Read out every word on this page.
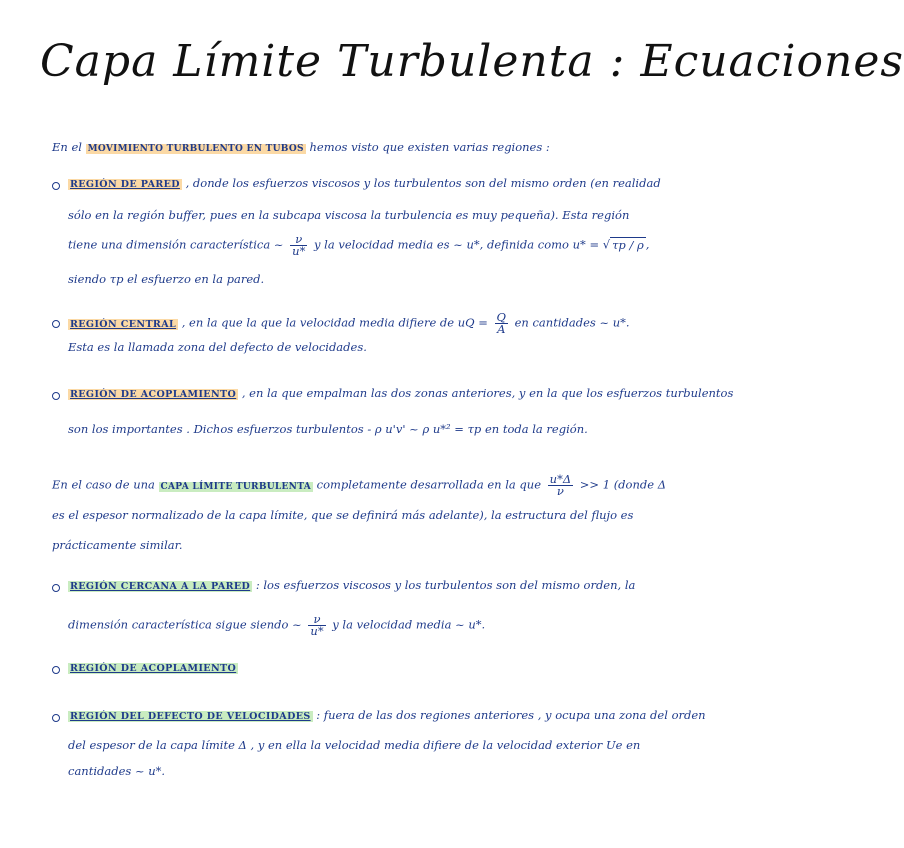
Capa Límite Turbulenta : Ecuaciones
En el MOVIMIENTO TURBULENTO EN TUBOS hemos visto que existen varias regiones :
REGIÓN DE PARED , donde los esfuerzos viscosos y los turbulentos son del mismo orden (en realidad
sólo en la región buffer, pues en la subcapa viscosa la turbulencia es muy pequeña). Esta región
tiene una dimensión característica ~ $\frac{\nu}{u*}$ y la velocidad media es ~ u*, definida como u* = √ τp / ρ ,
siendo τp el esfuerzo en la pared.
REGIÓN CENTRAL , en la que la que la velocidad media difiere de uQ = $\frac{Q}{A}$ en cantidades ~ u*.
Esta es la llamada zona del defecto de velocidades.
REGIÓN DE ACOPLAMIENTO , en la que empalman las dos zonas anteriores, y en la que los esfuerzos turbulentos
son los importantes . Dichos esfuerzos turbulentos - ρ u'v' ~ ρ u*² = τp en toda la región.
En el caso de una CAPA LÍMITE TURBULENTA completamente desarrollada en la que $\frac{u*\Delta}{\nu} >> 1$ (donde Δ
es el espesor normalizado de la capa límite, que se definirá más adelante), la estructura del flujo es
prácticamente similar.
REGIÓN CERCANA A LA PARED : los esfuerzos viscosos y los turbulentos son del mismo orden, la
dimensión característica sigue siendo ~ $\frac{\nu}{u*}$ y la velocidad media ~ u*.
REGIÓN DE ACOPLAMIENTO
REGIÓN DEL DEFECTO DE VELOCIDADES : fuera de las dos regiones anteriores , y ocupa una zona del orden
del espesor de la capa límite Δ , y en ella la velocidad media difiere de la velocidad exterior Ue en
cantidades ~ u*.
